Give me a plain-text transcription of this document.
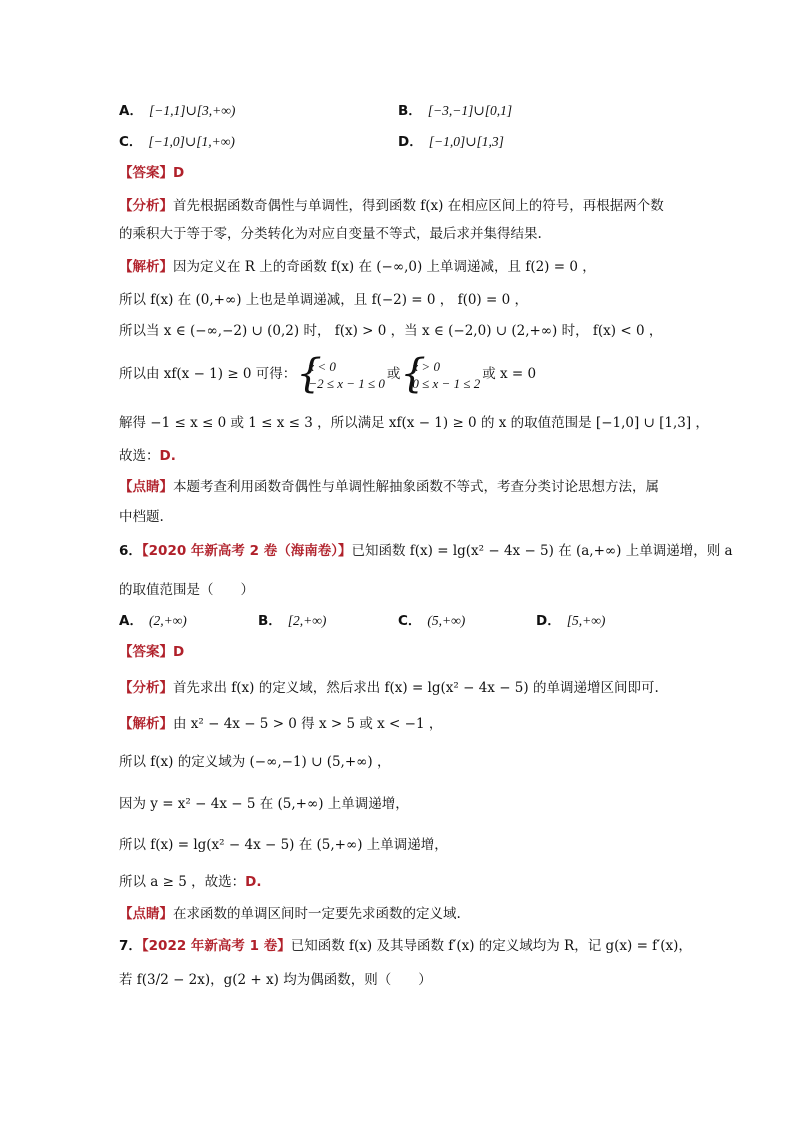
A． [−1,1]∪[3,+∞)	B． [−3,−1]∪[0,1]
C． [−1,0]∪[1,+∞)	D． [−1,0]∪[1,3]
【答案】D
【分析】首先根据函数奇偶性与单调性，得到函数 f(x) 在相应区间上的符号，再根据两个数
的乘积大于等于零，分类转化为对应自变量不等式，最后求并集得结果.
【解析】因为定义在 R 上的奇函数 f(x) 在 (−∞,0) 上单调递减，且 f(2) = 0 ，
所以 f(x) 在 (0,+∞) 上也是单调递减，且 f(−2) = 0 ， f(0) = 0 ，
所以当 x ∈ (−∞,−2) ∪ (0,2) 时， f(x) > 0 ，当 x ∈ (−2,0) ∪ (2,+∞) 时， f(x) < 0 ，
所以由 xf(x − 1) ≥ 0 可得： { x < 0
−2 ≤ x − 1 ≤ 0
或 { x > 0
0 ≤ x − 1 ≤ 2
或 x = 0
解得 −1 ≤ x ≤ 0 或 1 ≤ x ≤ 3 ，所以满足 xf(x − 1) ≥ 0 的 x 的取值范围是 [−1,0] ∪ [1,3] ，
故选：D.
【点睛】本题考查利用函数奇偶性与单调性解抽象函数不等式，考查分类讨论思想方法，属
中档题.
6．【2020 年新高考 2 卷（海南卷）】已知函数 f(x) = lg(x² − 4x − 5) 在 (a,+∞) 上单调递增，则 a
的取值范围是（　　）
A． (2,+∞)	B． [2,+∞)	C． (5,+∞)	D． [5,+∞)
【答案】D
【分析】首先求出 f(x) 的定义域，然后求出 f(x) = lg(x² − 4x − 5) 的单调递增区间即可.
【解析】由 x² − 4x − 5 > 0 得 x > 5 或 x < −1 ，
所以 f(x) 的定义域为 (−∞,−1) ∪ (5,+∞) ，
因为 y = x² − 4x − 5 在 (5,+∞) 上单调递增，
所以 f(x) = lg(x² − 4x − 5) 在 (5,+∞) 上单调递增，
所以 a ≥ 5 ，故选：D.
【点睛】在求函数的单调区间时一定要先求函数的定义域.
7．【2022 年新高考 1 卷】已知函数 f(x) 及其导函数 f′(x) 的定义域均为 R，记 g(x) = f′(x)，
若 f(3/2 − 2x)，g(2 + x) 均为偶函数，则（　　）
